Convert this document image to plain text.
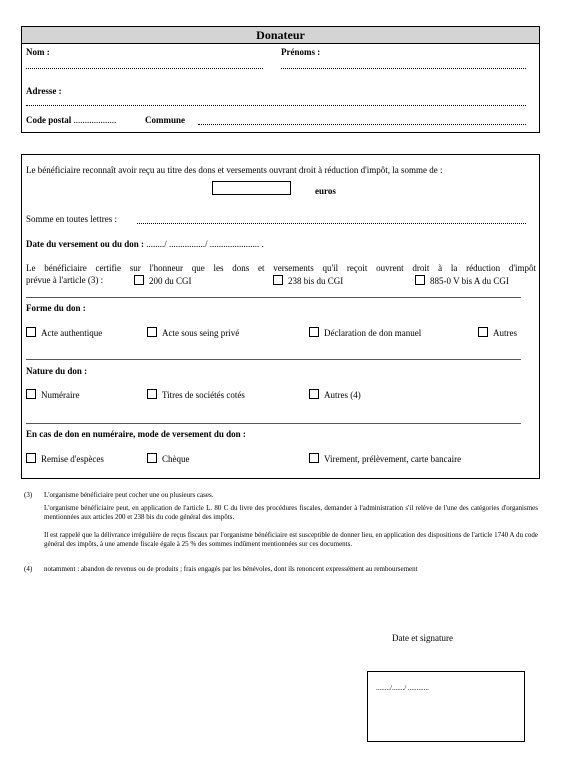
Donateur
Nom :	Prénoms :
Adresse :
Code postal ...................	Commune
Le bénéficiaire reconnaît avoir reçu au titre des dons et versements ouvrant droit à réduction d'impôt, la somme de :
euros
Somme en toutes lettres :
Date du versement ou du don : ......../ ................/ ...................... .
Le bénéficiaire certifie sur l'honneur que les dons et versements qu'il reçoit ouvrent droit à la réduction d'impôt
prévue à l'article (3) :	200 du CGI	238 bis du CGI	885-0 V bis A du CGI
Forme du don :
Acte authentique	Acte sous seing privé	Déclaration de don manuel	Autres
Nature du don :
Numéraire	Titres de sociétés cotés	Autres (4)
En cas de don en numéraire, mode de versement du don :
Remise d'espèces	Chèque	Virement, prélèvement, carte bancaire
(3) L'organisme bénéficiaire peut cocher une ou plusieurs cases.
L'organisme bénéficiaire peut, en application de l'article L. 80 C du livre des procédures fiscales, demander à l'administration s'il relève de l'une des catégories d'organismes mentionnées aux articles 200 et 238 bis du code général des impôts.
Il est rappelé que la délivrance irrégulière de reçus fiscaux par l'organisme bénéficiaire est susceptible de donner lieu, en application des dispositions de l'article 1740 A du code général des impôts, à une amende fiscale égale à 25 % des sommes indûment mentionnées sur ces documents.
(4) notamment : abandon de revenus ou de produits ; frais engagés par les bénévoles, dont ils renoncent expressément au remboursement
Date et signature
......../......./ ............
